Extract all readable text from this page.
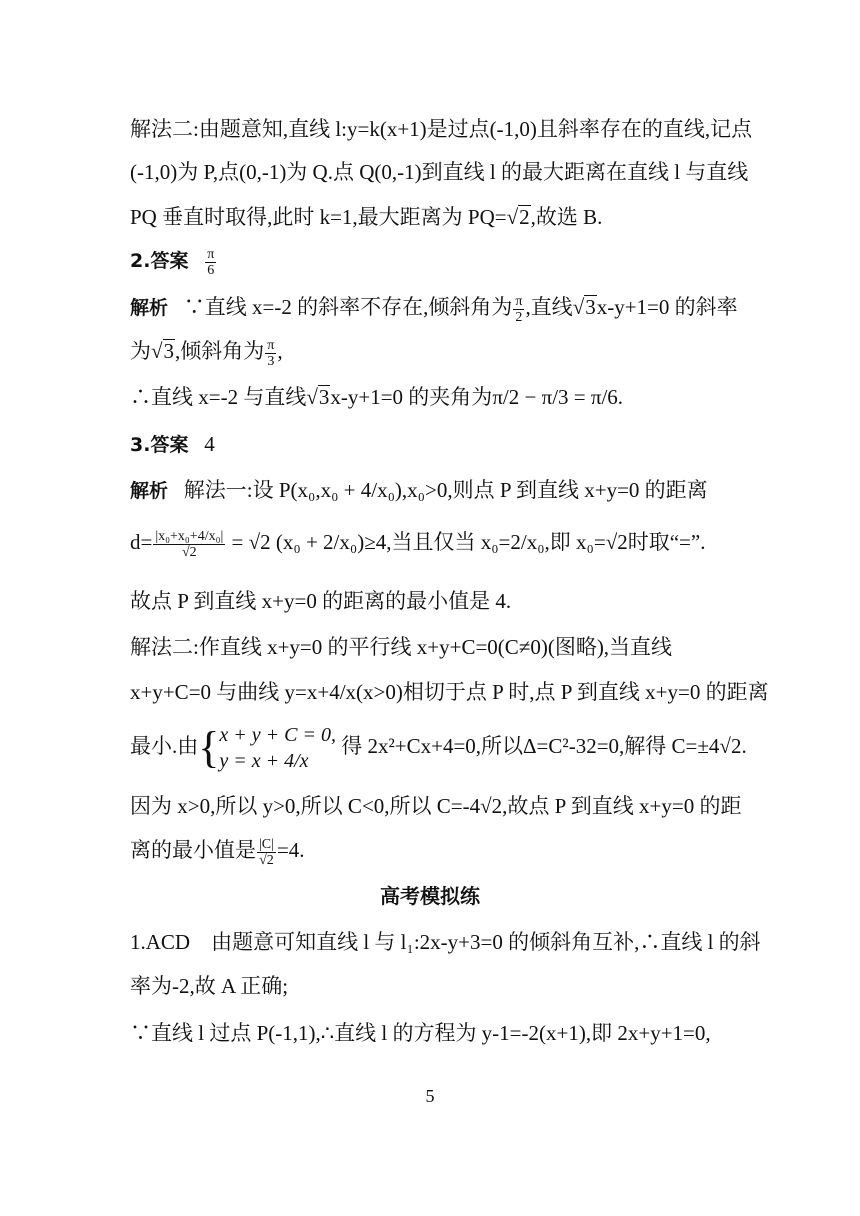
解法二:由题意知,直线 l:y=k(x+1)是过点(-1,0)且斜率存在的直线,记点
(-1,0)为 P,点(0,-1)为 Q.点 Q(0,-1)到直线 l 的最大距离在直线 l 与直线
PQ 垂直时取得,此时 k=1,最大距离为 PQ=√2,故选 B.
2.答案 $\frac{\pi}{6}$
解析 ∵直线 x=-2 的斜率不存在,倾斜角为 $\frac{\pi}{2}$ ,直线√3x-y+1=0 的斜率
为√3,倾斜角为 $\frac{\pi}{3}$ ,
∴直线 x=-2 与直线√3x-y+1=0 的夹角为π/2 − π/3 = π/6.
3.答案 4
解析 解法一:设 P(x₀,x₀ + 4/x₀),x₀>0,则点 P 到直线 x+y=0 的距离
$d= \frac{\text{|x₀+x₀+4/x₀|}}{√2} = √2$ (x₀ + 2/x₀)≥4,当且仅当 x₀=2/x₀,即 x₀=√2时取“=”.
故点 P 到直线 x+y=0 的距离的最小值是 4.
解法二:作直线 x+y=0 的平行线 x+y+C=0(C≠0)(图略),当直线
x+y+C=0 与曲线 y=x+4/x(x>0)相切于点 P 时,点 P 到直线 x+y=0 的距离
最小.由{ x + y + C = 0,
y = x + 4/x
得 2x²+Cx+4=0,所以Δ=C²-32=0,解得 C=±4√2.
因为 x>0,所以 y>0,所以 C<0,所以 C=-4√2,故点 P 到直线 x+y=0 的距
离的最小值是 $\frac{|C|}{√2} =4$.
高考模拟练
1.ACD 由题意可知直线 l 与 l₁:2x-y+3=0 的倾斜角互补,∴直线 l 的斜
率为-2,故 A 正确;
∵直线 l 过点 P(-1,1),∴直线 l 的方程为 y-1=-2(x+1),即 2x+y+1=0,
5
